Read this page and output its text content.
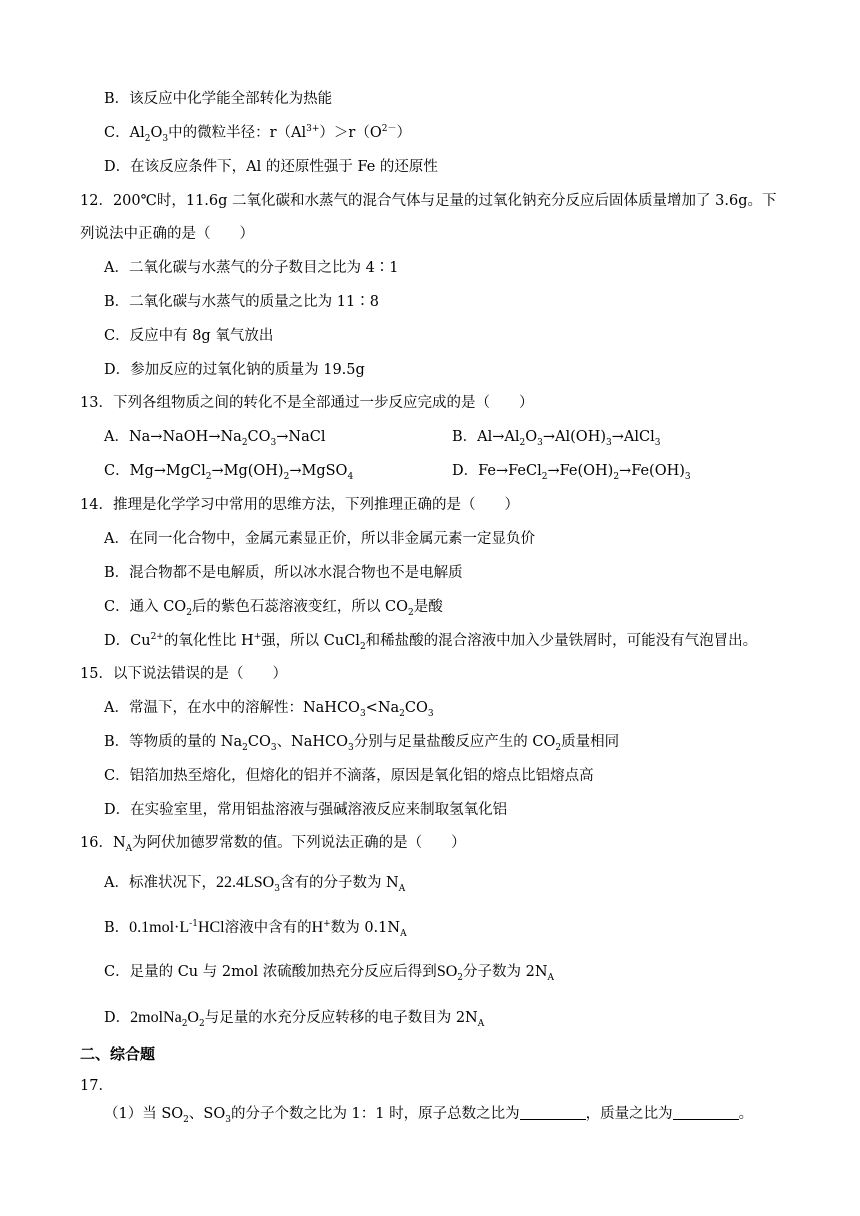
B．该反应中化学能全部转化为热能
C．$Al_2O_3$中的微粒半径：$r(Al^{3+})>r(O^{2-})$
D．在该反应条件下，Al 的还原性强于 Fe 的还原性
12．200℃时，11.6g 二氧化碳和水蒸气的混合气体与足量的过氧化钠充分反应后固体质量增加了 3.6g。下
列说法中正确的是（　　）
A．二氧化碳与水蒸气的分子数目之比为 4∶1
B．二氧化碳与水蒸气的质量之比为 11∶8
C．反应中有 8g 氧气放出
D．参加反应的过氧化钠的质量为 19.5g
13．下列各组物质之间的转化不是全部通过一步反应完成的是（　　）
A．$Na\to NaOH\to Na_2CO_3\to NaCl$	B．$Al\to Al_2O_3\to Al(OH)_3\to AlCl_3$
C．$Mg\to MgCl_2\to Mg(OH)_2\to MgSO_4$	D．$Fe\to FeCl_2\to Fe(OH)_2\to Fe(OH)_3$
14．推理是化学学习中常用的思维方法，下列推理正确的是（　　）
A．在同一化合物中，金属元素显正价，所以非金属元素一定显负价
B．混合物都不是电解质，所以冰水混合物也不是电解质
C．通入 $CO_2$后的紫色石蕊溶液变红，所以 $CO_2$是酸
D．$Cu^{2+}$的氧化性比 H+强，所以 CuCl$_2$和稀盐酸的混合溶液中加入少量铁屑时，可能没有气泡冒出。
15．以下说法错误的是（　　）
A．常温下，在水中的溶解性：$NaHCO_3<Na_2CO_3$
B．等物质的量的 $Na_2CO_3$、NaHCO$_3$分别与足量盐酸反应产生的 $CO_2$质量相同
C．铝箔加热至熔化，但熔化的铝并不滴落，原因是氧化铝的熔点比铝熔点高
D．在实验室里，常用铝盐溶液与强碱溶液反应来制取氢氧化铝
16．$N_A$为阿伏加德罗常数的值。下列说法正确的是（　　）
A．标准状况下，$22.4LSO_3$含有的分子数为 $N_A$
B．$0.1mol\cdot L^{-1}HCl$溶液中含有的H+数为 $0.1N_A$
C．足量的 Cu 与 2mol 浓硫酸加热充分反应后得到$SO_2$分子数为 $2N_A$
D．$2molNa_2O_2$与足量的水充分反应转移的电子数目为 $2N_A$
二、综合题
17．
（1）当 $SO_2$、$SO_3$的分子个数之比为 1：1 时，原子总数之比为	，质量之比为	。
